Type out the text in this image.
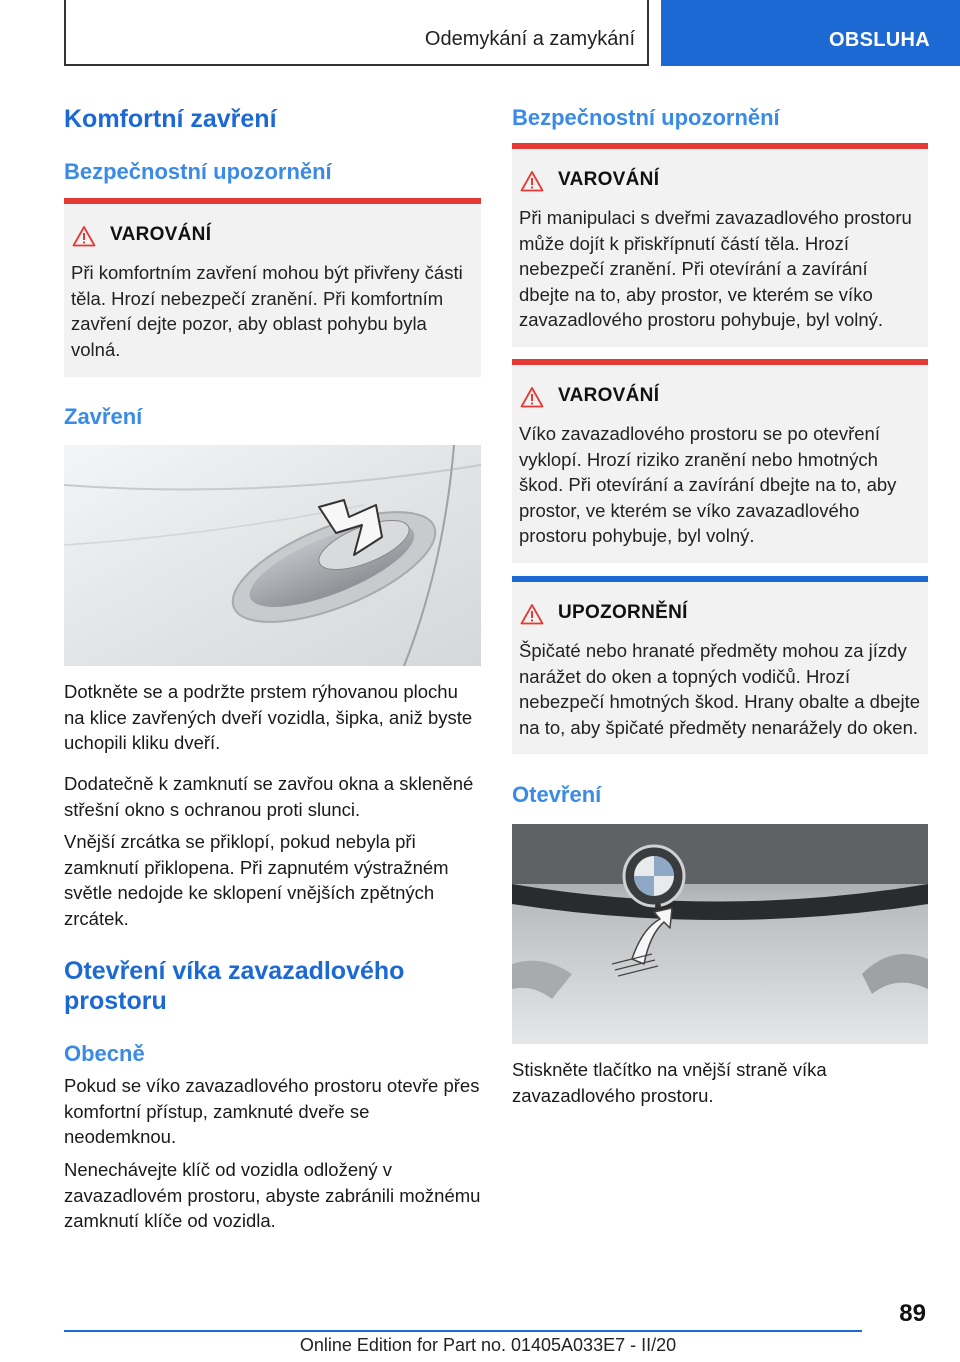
Odemykání a zamykání	OBSLUHA
Komfortní zavření
Bezpečnostní upozornění
VAROVÁNÍ
Při komfortním zavření mohou být přivřeny části těla. Hrozí nebezpečí zranění. Při komfortním zavření dejte pozor, aby oblast pohybu byla volná.
Zavření
Dotkněte se a podržte prstem rýhovanou plochu na klice zavřených dveří vozidla, šipka, aniž byste uchopili kliku dveří.
Dodatečně k zamknutí se zavřou okna a skleněné střešní okno s ochranou proti slunci.
Vnější zrcátka se přiklopí, pokud nebyla při zamknutí přiklopena. Při zapnutém výstražném světle nedojde ke sklopení vnějších zpětných zrcátek.
Otevření víka zavazadlového prostoru
Obecně
Pokud se víko zavazadlového prostoru otevře přes komfortní přístup, zamknuté dveře se neodemknou.
Nenechávejte klíč od vozidla odložený v zavazadlovém prostoru, abyste zabránili možnému zamknutí klíče od vozidla.
Bezpečnostní upozornění
VAROVÁNÍ
Při manipulaci s dveřmi zavazadlového prostoru může dojít k přiskřípnutí částí těla. Hrozí nebezpečí zranění. Při otevírání a zavírání dbejte na to, aby prostor, ve kterém se víko zavazadlového prostoru pohybuje, byl volný.
VAROVÁNÍ
Víko zavazadlového prostoru se po otevření vyklopí. Hrozí riziko zranění nebo hmotných škod. Při otevírání a zavírání dbejte na to, aby prostor, ve kterém se víko zavazadlového prostoru pohybuje, byl volný.
UPOZORNĚNÍ
Špičaté nebo hranaté předměty mohou za jízdy narážet do oken a topných vodičů. Hrozí nebezpečí hmotných škod. Hrany obalte a dbejte na to, aby špičaté předměty nenarážely do oken.
Otevření
Stiskněte tlačítko na vnější straně víka zavazadlového prostoru.
89
Online Edition for Part no. 01405A033E7 - II/20
